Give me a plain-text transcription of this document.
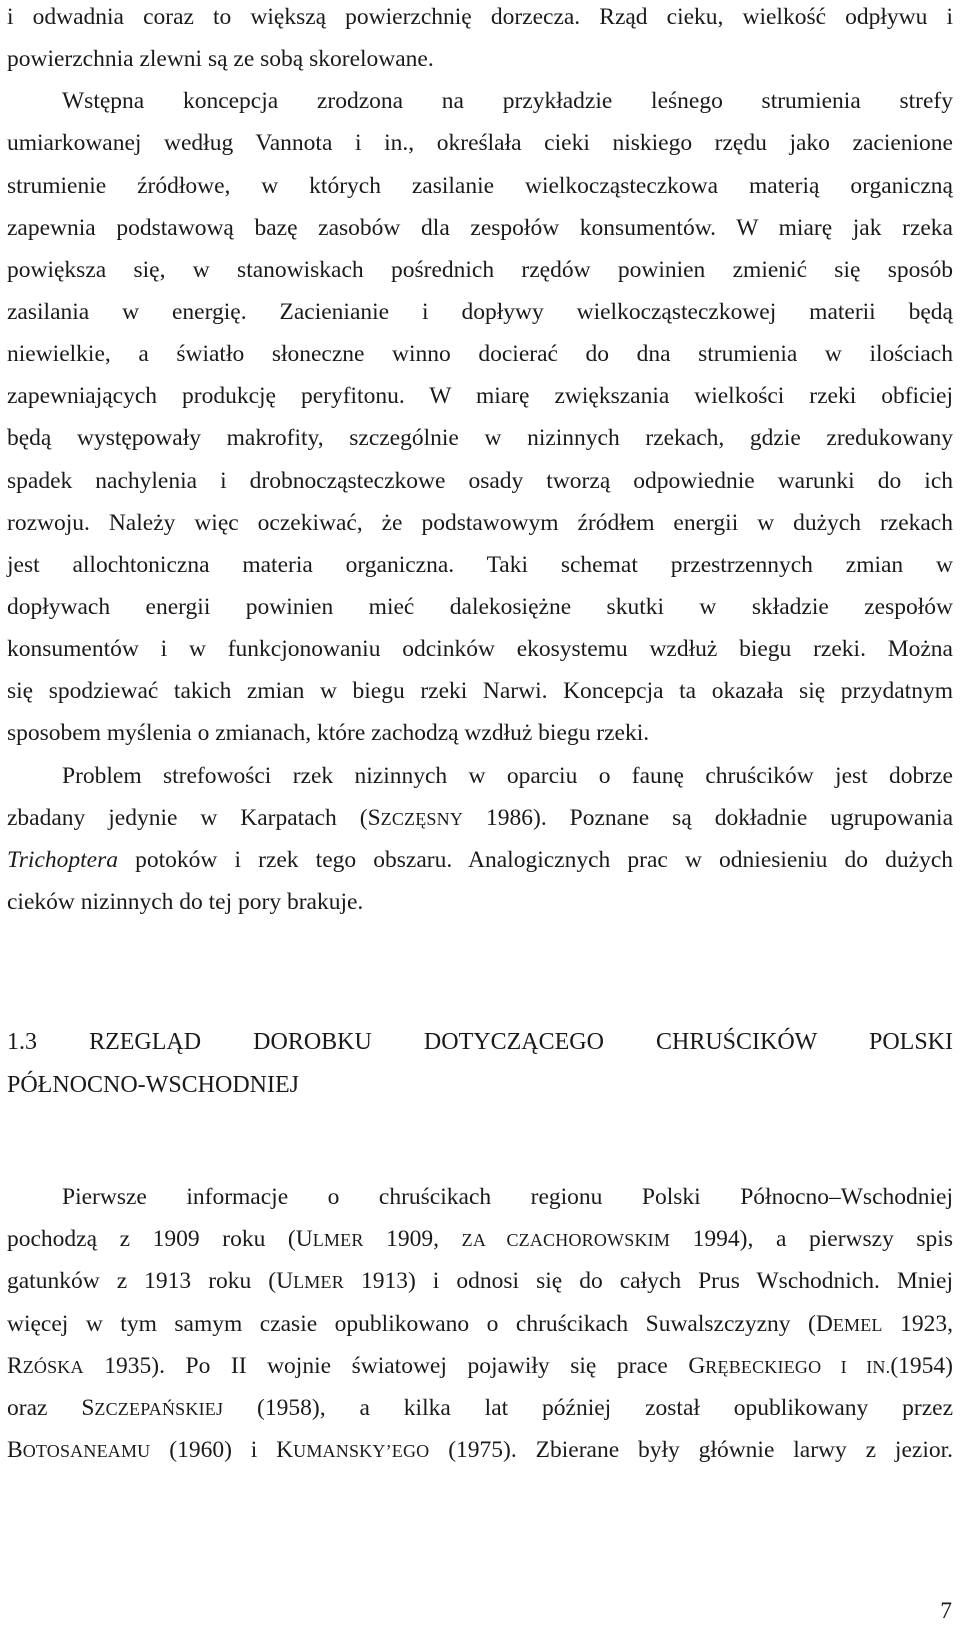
i odwadnia coraz to większą powierzchnię dorzecza. Rząd cieku, wielkość odpływu i
powierzchnia zlewni są ze sobą skorelowane.
Wstępna koncepcja zrodzona na przykładzie leśnego strumienia strefy
umiarkowanej według Vannota i in., określała cieki niskiego rzędu jako zacienione
strumienie źródłowe, w których zasilanie wielkocząsteczkowa materią organiczną
zapewnia podstawową bazę zasobów dla zespołów konsumentów. W miarę jak rzeka
powiększa się, w stanowiskach pośrednich rzędów powinien zmienić się sposób
zasilania w energię. Zacienianie i dopływy wielkocząsteczkowej materii będą
niewielkie, a światło słoneczne winno docierać do dna strumienia w ilościach
zapewniających produkcję peryfitonu. W miarę zwiększania wielkości rzeki obficiej
będą występowały makrofity, szczególnie w nizinnych rzekach, gdzie zredukowany
spadek nachylenia i drobnocząsteczkowe osady tworzą odpowiednie warunki do ich
rozwoju. Należy więc oczekiwać, że podstawowym źródłem energii w dużych rzekach
jest allochtoniczna materia organiczna. Taki schemat przestrzennych zmian w
dopływach energii powinien mieć dalekosiężne skutki w składzie zespołów
konsumentów i w funkcjonowaniu odcinków ekosystemu wzdłuż biegu rzeki. Można
się spodziewać takich zmian w biegu rzeki Narwi. Koncepcja ta okazała się przydatnym
sposobem myślenia o zmianach, które zachodzą wzdłuż biegu rzeki.
Problem strefowości rzek nizinnych w oparciu o faunę chruścików jest dobrze
zbadany jedynie w Karpatach (SZCZĘSNY 1986). Poznane są dokładnie ugrupowania
Trichoptera potoków i rzek tego obszaru. Analogicznych prac w odniesieniu do dużych
cieków nizinnych do tej pory brakuje.
1.3 RZEGLĄD DOROBKU DOTYCZĄCEGO CHRUŚCIKÓW POLSKI
PÓŁNOCNO-WSCHODNIEJ
Pierwsze informacje o chruścikach regionu Polski Północno–Wschodniej
pochodzą z 1909 roku (ULMER 1909, ZA CZACHOROWSKIM 1994), a pierwszy spis
gatunków z 1913 roku (ULMER 1913) i odnosi się do całych Prus Wschodnich. Mniej
więcej w tym samym czasie opublikowano o chruścikach Suwalszczyzny (DEMEL 1923,
RZÓSKA 1935). Po II wojnie światowej pojawiły się prace GRĘBECKIEGO I IN.(1954)
oraz SZCZEPAŃSKIEJ (1958), a kilka lat później został opublikowany przez
BOTOSANEAMU (1960) i KUMANSKY’EGO (1975). Zbierane były głównie larwy z jezior.
7
